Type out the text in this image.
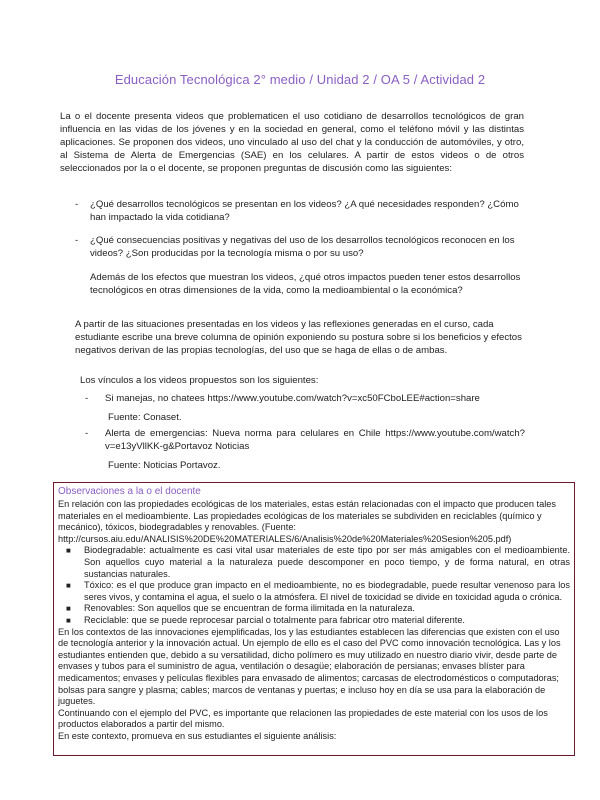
Educación Tecnológica 2° medio / Unidad 2 / OA 5 / Actividad 2
La o el docente presenta videos que problematicen el uso cotidiano de desarrollos tecnológicos de gran influencia en las vidas de los jóvenes y en la sociedad en general, como el teléfono móvil y las distintas aplicaciones. Se proponen dos videos, uno vinculado al uso del chat y la conducción de automóviles, y otro, al Sistema de Alerta de Emergencias (SAE) en los celulares. A partir de estos videos o de otros seleccionados por la o el docente, se proponen preguntas de discusión como las siguientes:
-	¿Qué desarrollos tecnológicos se presentan en los videos? ¿A qué necesidades responden? ¿Cómo han impactado la vida cotidiana?
-	¿Qué consecuencias positivas y negativas del uso de los desarrollos tecnológicos reconocen en los videos? ¿Son producidas por la tecnología misma o por su uso?
Además de los efectos que muestran los videos, ¿qué otros impactos pueden tener estos desarrollos tecnológicos en otras dimensiones de la vida, como la medioambiental o la económica?
A partir de las situaciones presentadas en los videos y las reflexiones generadas en el curso, cada estudiante escribe una breve columna de opinión exponiendo su postura sobre si los beneficios y efectos negativos derivan de las propias tecnologías, del uso que se haga de ellas o de ambas.
Los vínculos a los videos propuestos son los siguientes:
-	Si manejas, no chatees https://www.youtube.com/watch?v=xc50FCboLEE#action=share
Fuente: Conaset.
-	Alerta de emergencias: Nueva norma para celulares en Chile https://www.youtube.com/watch?v=e13yVllKK-g&Portavoz Noticias
Fuente: Noticias Portavoz.
Observaciones a la o el docente
En relación con las propiedades ecológicas de los materiales, estas están relacionadas con el impacto que producen tales materiales en el medioambiente. Las propiedades ecológicas de los materiales se subdividen en reciclables (químico y mecánico), tóxicos, biodegradables y renovables. (Fuente: http://cursos.aiu.edu/ANALISIS%20DE%20MATERIALES/6/Analisis%20de%20Materiales%20Sesion%205.pdf)
■	Biodegradable: actualmente es casi vital usar materiales de este tipo por ser más amigables con el medioambiente. Son aquellos cuyo material a la naturaleza puede descomponer en poco tiempo, y de forma natural, en otras sustancias naturales.
■	Tóxico: es el que produce gran impacto en el medioambiente, no es biodegradable, puede resultar venenoso para los seres vivos, y contamina el agua, el suelo o la atmósfera. El nivel de toxicidad se divide en toxicidad aguda o crónica.
■	Renovables: Son aquellos que se encuentran de forma ilimitada en la naturaleza.
■	Reciclable: que se puede reprocesar parcial o totalmente para fabricar otro material diferente.
En los contextos de las innovaciones ejemplificadas, los y las estudiantes establecen las diferencias que existen con el uso de tecnología anterior y la innovación actual. Un ejemplo de ello es el caso del PVC como innovación tecnológica. Las y los estudiantes entienden que, debido a su versatilidad, dicho polímero es muy utilizado en nuestro diario vivir, desde parte de envases y tubos para el suministro de agua, ventilación o desagüe; elaboración de persianas; envases blíster para medicamentos; envases y películas flexibles para envasado de alimentos; carcasas de electrodomésticos o computadoras; bolsas para sangre y plasma; cables; marcos de ventanas y puertas; e incluso hoy en día se usa para la elaboración de juguetes.
Continuando con el ejemplo del PVC, es importante que relacionen las propiedades de este material con los usos de los productos elaborados a partir del mismo.
En este contexto, promueva en sus estudiantes el siguiente análisis:
